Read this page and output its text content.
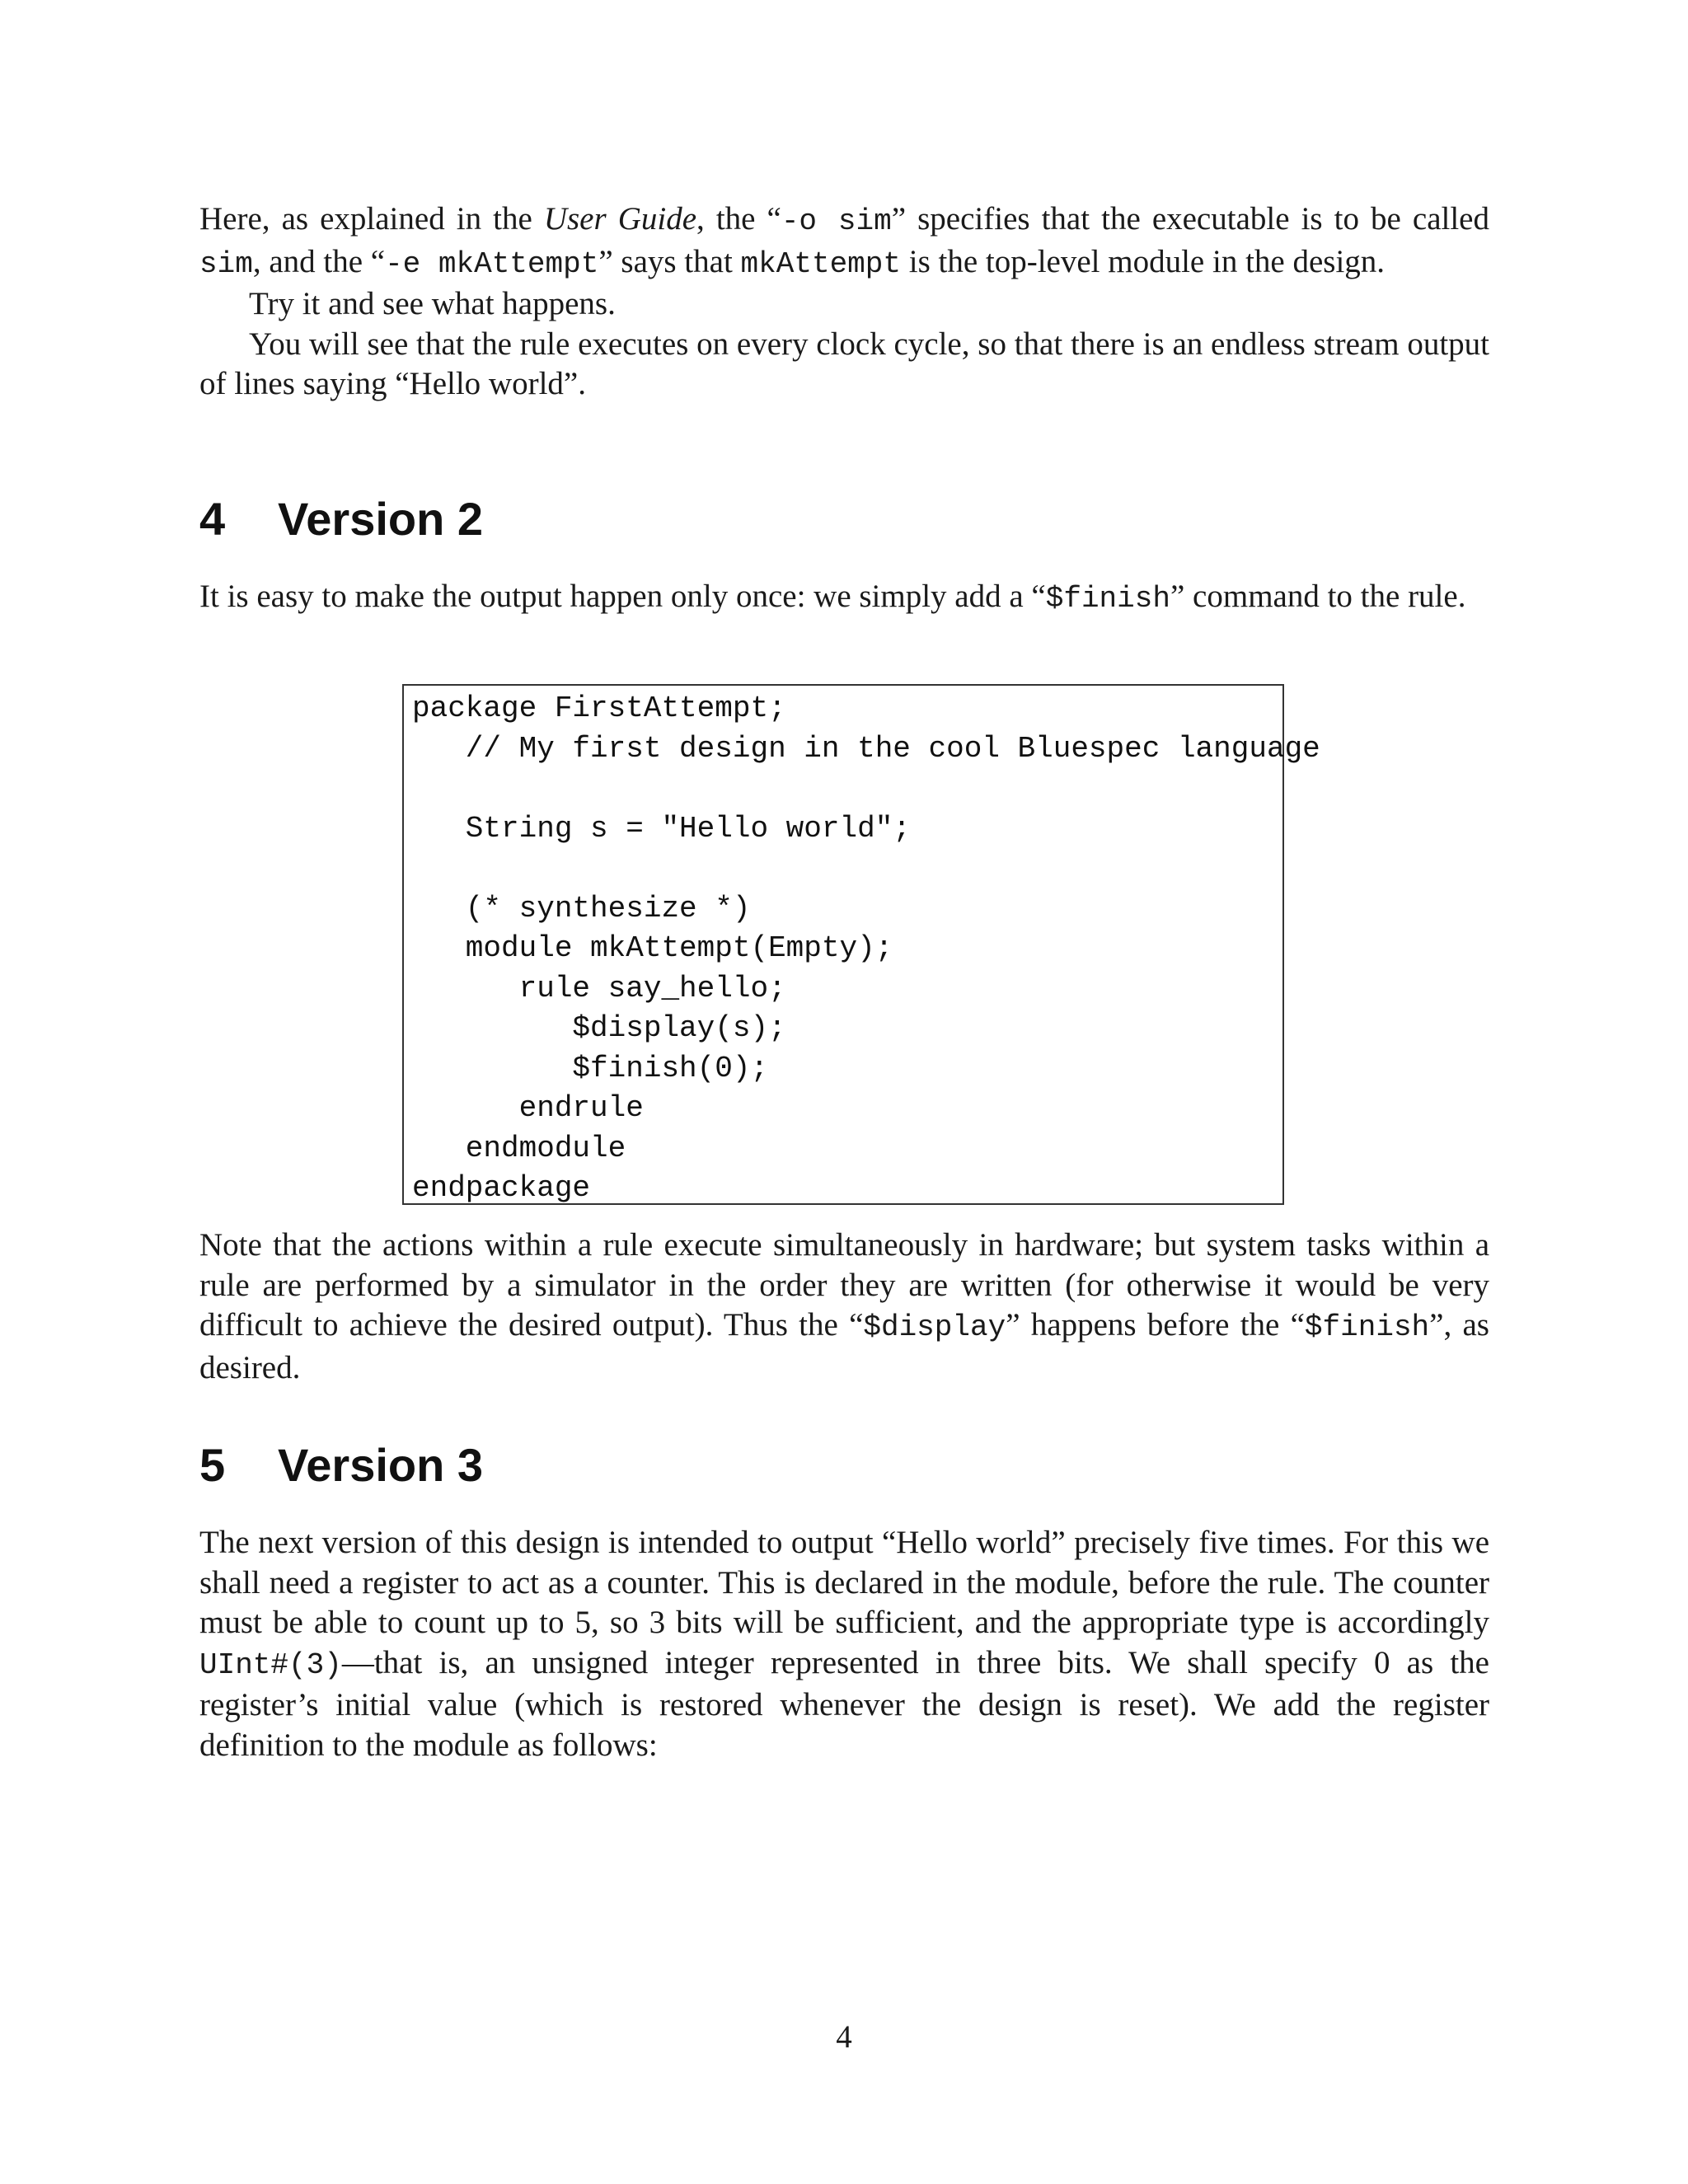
Here, as explained in the User Guide, the “-o sim” specifies that the executable is to be called sim, and the “-e mkAttempt” says that mkAttempt is the top-level module in the design.

Try it and see what happens.

You will see that the rule executes on every clock cycle, so that there is an endless stream output of lines saying “Hello world”.

4 Version 2

It is easy to make the output happen only once: we simply add a “$finish” command to the rule.

package FirstAttempt;
// My first design in the cool Bluespec language
String s = "Hello world";
(* synthesize *)
module mkAttempt(Empty);
rule say_hello;
$display(s);
$finish(0);
endrule
endmodule
endpackage

Note that the actions within a rule execute simultaneously in hardware; but system tasks within a rule are performed by a simulator in the order they are written (for otherwise it would be very difficult to achieve the desired output). Thus the “$display” happens before the “$finish”, as desired.

5 Version 3

The next version of this design is intended to output “Hello world” precisely five times. For this we shall need a register to act as a counter. This is declared in the module, before the rule. The counter must be able to count up to 5, so 3 bits will be sufficient, and the appropriate type is accordingly UInt#(3)—that is, an unsigned integer represented in three bits. We shall specify 0 as the register’s initial value (which is restored whenever the design is reset). We add the register definition to the module as follows:

4
